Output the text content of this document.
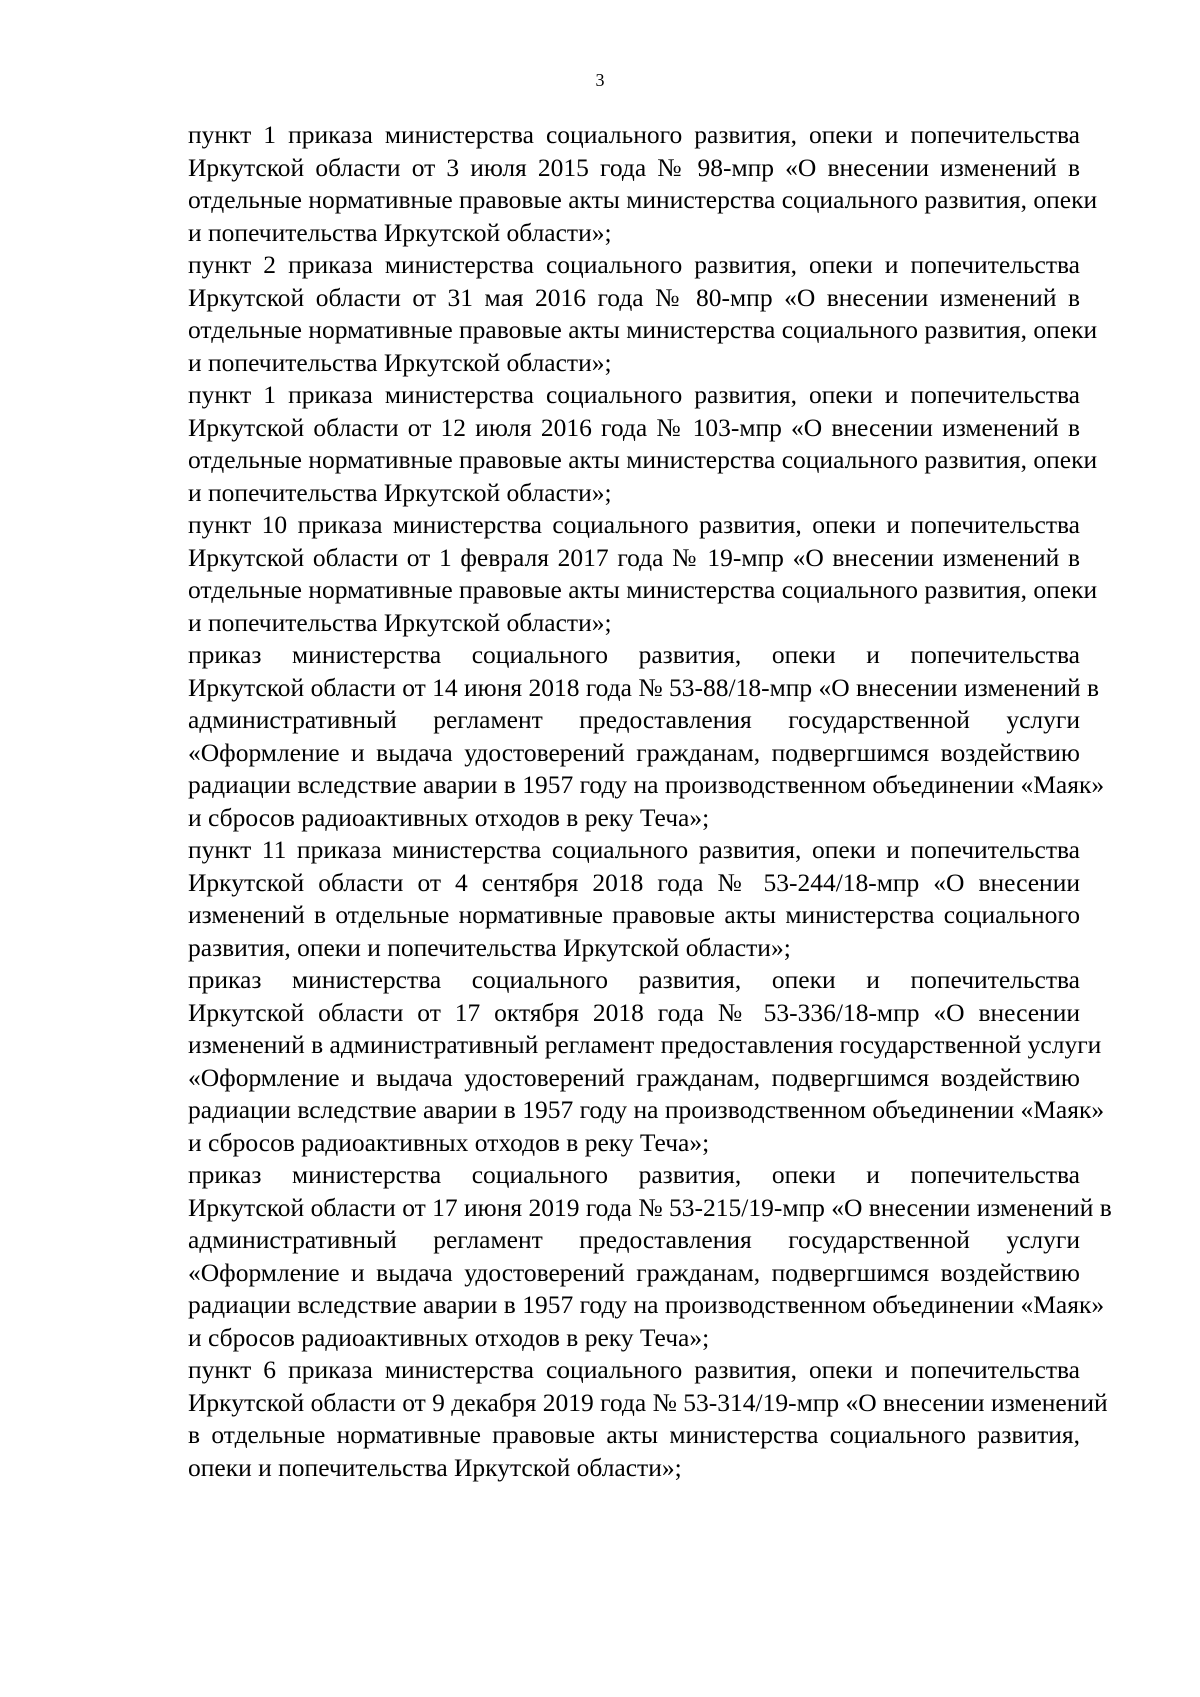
3

пункт 1 приказа министерства социального развития, опеки и попечительства
Иркутской области от 3 июля 2015 года № 98-мпр «О внесении изменений в
отдельные нормативные правовые акты министерства социального развития, опеки
и попечительства Иркутской области»;

пункт 2 приказа министерства социального развития, опеки и попечительства
Иркутской области от 31 мая 2016 года № 80-мпр «О внесении изменений в
отдельные нормативные правовые акты министерства социального развития, опеки
и попечительства Иркутской области»;

пункт 1 приказа министерства социального развития, опеки и попечительства
Иркутской области от 12 июля 2016 года № 103-мпр «О внесении изменений в
отдельные нормативные правовые акты министерства социального развития, опеки
и попечительства Иркутской области»;

пункт 10 приказа министерства социального развития, опеки и попечительства
Иркутской области от 1 февраля 2017 года № 19-мпр «О внесении изменений в
отдельные нормативные правовые акты министерства социального развития, опеки
и попечительства Иркутской области»;

приказ министерства социального развития, опеки и попечительства
Иркутской области от 14 июня 2018 года № 53-88/18-мпр «О внесении изменений в
административный регламент предоставления государственной услуги
«Оформление и выдача удостоверений гражданам, подвергшимся воздействию
радиации вследствие аварии в 1957 году на производственном объединении «Маяк»
и сбросов радиоактивных отходов в реку Теча»;

пункт 11 приказа министерства социального развития, опеки и попечительства
Иркутской области от 4 сентября 2018 года № 53-244/18-мпр «О внесении
изменений в отдельные нормативные правовые акты министерства социального
развития, опеки и попечительства Иркутской области»;

приказ министерства социального развития, опеки и попечительства
Иркутской области от 17 октября 2018 года № 53-336/18-мпр «О внесении
изменений в административный регламент предоставления государственной услуги
«Оформление и выдача удостоверений гражданам, подвергшимся воздействию
радиации вследствие аварии в 1957 году на производственном объединении «Маяк»
и сбросов радиоактивных отходов в реку Теча»;

приказ министерства социального развития, опеки и попечительства
Иркутской области от 17 июня 2019 года № 53-215/19-мпр «О внесении изменений в
административный регламент предоставления государственной услуги
«Оформление и выдача удостоверений гражданам, подвергшимся воздействию
радиации вследствие аварии в 1957 году на производственном объединении «Маяк»
и сбросов радиоактивных отходов в реку Теча»;

пункт 6 приказа министерства социального развития, опеки и попечительства
Иркутской области от 9 декабря 2019 года № 53-314/19-мпр «О внесении изменений
в отдельные нормативные правовые акты министерства социального развития,
опеки и попечительства Иркутской области»;
